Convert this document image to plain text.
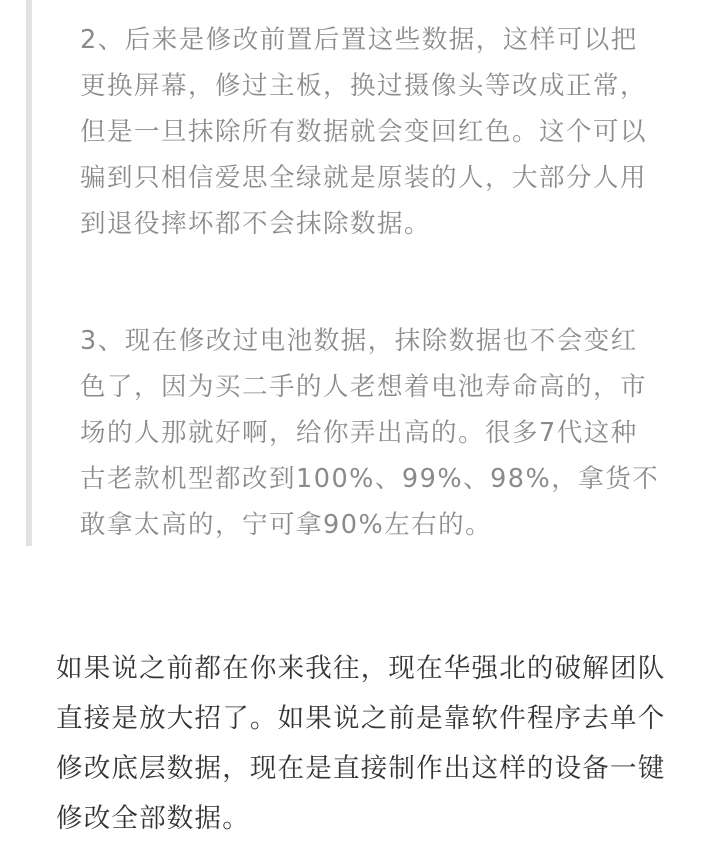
2、后来是修改前置后置这些数据，这样可以把
更换屏幕，修过主板，换过摄像头等改成正常，
但是一旦抹除所有数据就会变回红色。这个可以
骗到只相信爱思全绿就是原装的人，大部分人用
到退役摔坏都不会抹除数据。

3、现在修改过电池数据，抹除数据也不会变红
色了，因为买二手的人老想着电池寿命高的，市
场的人那就好啊，给你弄出高的。很多7代这种
古老款机型都改到100%、99%、98%，拿货不
敢拿太高的，宁可拿90%左右的。

如果说之前都在你来我往，现在华强北的破解团队
直接是放大招了。如果说之前是靠软件程序去单个
修改底层数据，现在是直接制作出这样的设备一键
修改全部数据。
